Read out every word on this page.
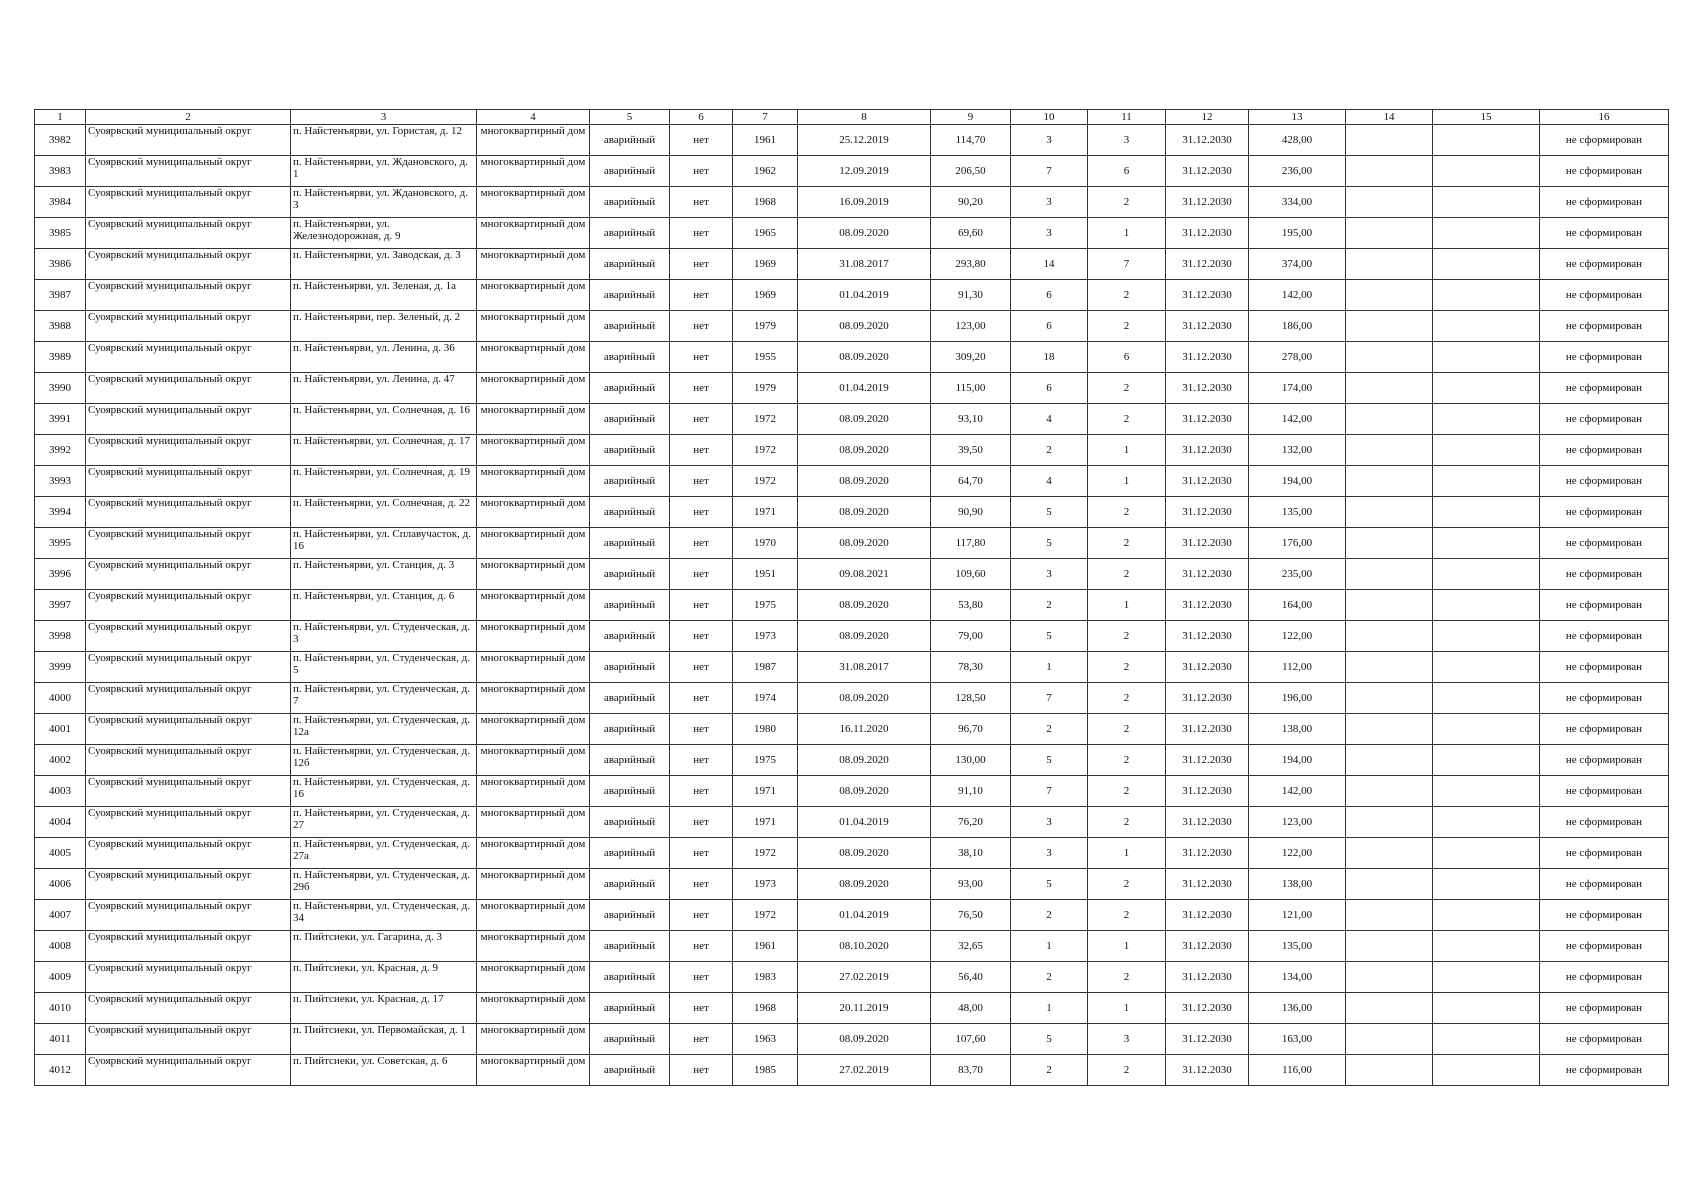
1	2	3	4	5	6	7	8	9	10	11	12	13	14	15	16
3982	Суоярвский муниципальный округ	п. Найстенъярви, ул. Гористая, д. 12	многоквартирный дом	аварийный	нет	1961	25.12.2019	114,70	3	3	31.12.2030	428,00			не сформирован
3983	Суоярвский муниципальный округ	п. Найстенъярви, ул. Ждановского, д. 1	многоквартирный дом	аварийный	нет	1962	12.09.2019	206,50	7	6	31.12.2030	236,00			не сформирован
3984	Суоярвский муниципальный округ	п. Найстенъярви, ул. Ждановского, д. 3	многоквартирный дом	аварийный	нет	1968	16.09.2019	90,20	3	2	31.12.2030	334,00			не сформирован
3985	Суоярвский муниципальный округ	п. Найстенъярви, ул. Железнодорожная, д. 9	многоквартирный дом	аварийный	нет	1965	08.09.2020	69,60	3	1	31.12.2030	195,00			не сформирован
3986	Суоярвский муниципальный округ	п. Найстенъярви, ул. Заводская, д. 3	многоквартирный дом	аварийный	нет	1969	31.08.2017	293,80	14	7	31.12.2030	374,00			не сформирован
3987	Суоярвский муниципальный округ	п. Найстенъярви, ул. Зеленая, д. 1а	многоквартирный дом	аварийный	нет	1969	01.04.2019	91,30	6	2	31.12.2030	142,00			не сформирован
3988	Суоярвский муниципальный округ	п. Найстенъярви, пер. Зеленый, д. 2	многоквартирный дом	аварийный	нет	1979	08.09.2020	123,00	6	2	31.12.2030	186,00			не сформирован
3989	Суоярвский муниципальный округ	п. Найстенъярви, ул. Ленина, д. 36	многоквартирный дом	аварийный	нет	1955	08.09.2020	309,20	18	6	31.12.2030	278,00			не сформирован
3990	Суоярвский муниципальный округ	п. Найстенъярви, ул. Ленина, д. 47	многоквартирный дом	аварийный	нет	1979	01.04.2019	115,00	6	2	31.12.2030	174,00			не сформирован
3991	Суоярвский муниципальный округ	п. Найстенъярви, ул. Солнечная, д. 16	многоквартирный дом	аварийный	нет	1972	08.09.2020	93,10	4	2	31.12.2030	142,00			не сформирован
3992	Суоярвский муниципальный округ	п. Найстенъярви, ул. Солнечная, д. 17	многоквартирный дом	аварийный	нет	1972	08.09.2020	39,50	2	1	31.12.2030	132,00			не сформирован
3993	Суоярвский муниципальный округ	п. Найстенъярви, ул. Солнечная, д. 19	многоквартирный дом	аварийный	нет	1972	08.09.2020	64,70	4	1	31.12.2030	194,00			не сформирован
3994	Суоярвский муниципальный округ	п. Найстенъярви, ул. Солнечная, д. 22	многоквартирный дом	аварийный	нет	1971	08.09.2020	90,90	5	2	31.12.2030	135,00			не сформирован
3995	Суоярвский муниципальный округ	п. Найстенъярви, ул. Сплавучасток, д. 16	многоквартирный дом	аварийный	нет	1970	08.09.2020	117,80	5	2	31.12.2030	176,00			не сформирован
3996	Суоярвский муниципальный округ	п. Найстенъярви, ул. Станция, д. 3	многоквартирный дом	аварийный	нет	1951	09.08.2021	109,60	3	2	31.12.2030	235,00			не сформирован
3997	Суоярвский муниципальный округ	п. Найстенъярви, ул. Станция, д. 6	многоквартирный дом	аварийный	нет	1975	08.09.2020	53,80	2	1	31.12.2030	164,00			не сформирован
3998	Суоярвский муниципальный округ	п. Найстенъярви, ул. Студенческая, д. 3	многоквартирный дом	аварийный	нет	1973	08.09.2020	79,00	5	2	31.12.2030	122,00			не сформирован
3999	Суоярвский муниципальный округ	п. Найстенъярви, ул. Студенческая, д. 5	многоквартирный дом	аварийный	нет	1987	31.08.2017	78,30	1	2	31.12.2030	112,00			не сформирован
4000	Суоярвский муниципальный округ	п. Найстенъярви, ул. Студенческая, д. 7	многоквартирный дом	аварийный	нет	1974	08.09.2020	128,50	7	2	31.12.2030	196,00			не сформирован
4001	Суоярвский муниципальный округ	п. Найстенъярви, ул. Студенческая, д. 12а	многоквартирный дом	аварийный	нет	1980	16.11.2020	96,70	2	2	31.12.2030	138,00			не сформирован
4002	Суоярвский муниципальный округ	п. Найстенъярви, ул. Студенческая, д. 12б	многоквартирный дом	аварийный	нет	1975	08.09.2020	130,00	5	2	31.12.2030	194,00			не сформирован
4003	Суоярвский муниципальный округ	п. Найстенъярви, ул. Студенческая, д. 16	многоквартирный дом	аварийный	нет	1971	08.09.2020	91,10	7	2	31.12.2030	142,00			не сформирован
4004	Суоярвский муниципальный округ	п. Найстенъярви, ул. Студенческая, д. 27	многоквартирный дом	аварийный	нет	1971	01.04.2019	76,20	3	2	31.12.2030	123,00			не сформирован
4005	Суоярвский муниципальный округ	п. Найстенъярви, ул. Студенческая, д. 27а	многоквартирный дом	аварийный	нет	1972	08.09.2020	38,10	3	1	31.12.2030	122,00			не сформирован
4006	Суоярвский муниципальный округ	п. Найстенъярви, ул. Студенческая, д. 29б	многоквартирный дом	аварийный	нет	1973	08.09.2020	93,00	5	2	31.12.2030	138,00			не сформирован
4007	Суоярвский муниципальный округ	п. Найстенъярви, ул. Студенческая, д. 34	многоквартирный дом	аварийный	нет	1972	01.04.2019	76,50	2	2	31.12.2030	121,00			не сформирован
4008	Суоярвский муниципальный округ	п. Пийтсиеки, ул. Гагарина, д. 3	многоквартирный дом	аварийный	нет	1961	08.10.2020	32,65	1	1	31.12.2030	135,00			не сформирован
4009	Суоярвский муниципальный округ	п. Пийтсиеки, ул. Красная, д. 9	многоквартирный дом	аварийный	нет	1983	27.02.2019	56,40	2	2	31.12.2030	134,00			не сформирован
4010	Суоярвский муниципальный округ	п. Пийтсиеки, ул. Красная, д. 17	многоквартирный дом	аварийный	нет	1968	20.11.2019	48,00	1	1	31.12.2030	136,00			не сформирован
4011	Суоярвский муниципальный округ	п. Пийтсиеки, ул. Первомайская, д. 1	многоквартирный дом	аварийный	нет	1963	08.09.2020	107,60	5	3	31.12.2030	163,00			не сформирован
4012	Суоярвский муниципальный округ	п. Пийтсиеки, ул. Советская, д. 6	многоквартирный дом	аварийный	нет	1985	27.02.2019	83,70	2	2	31.12.2030	116,00			не сформирован
